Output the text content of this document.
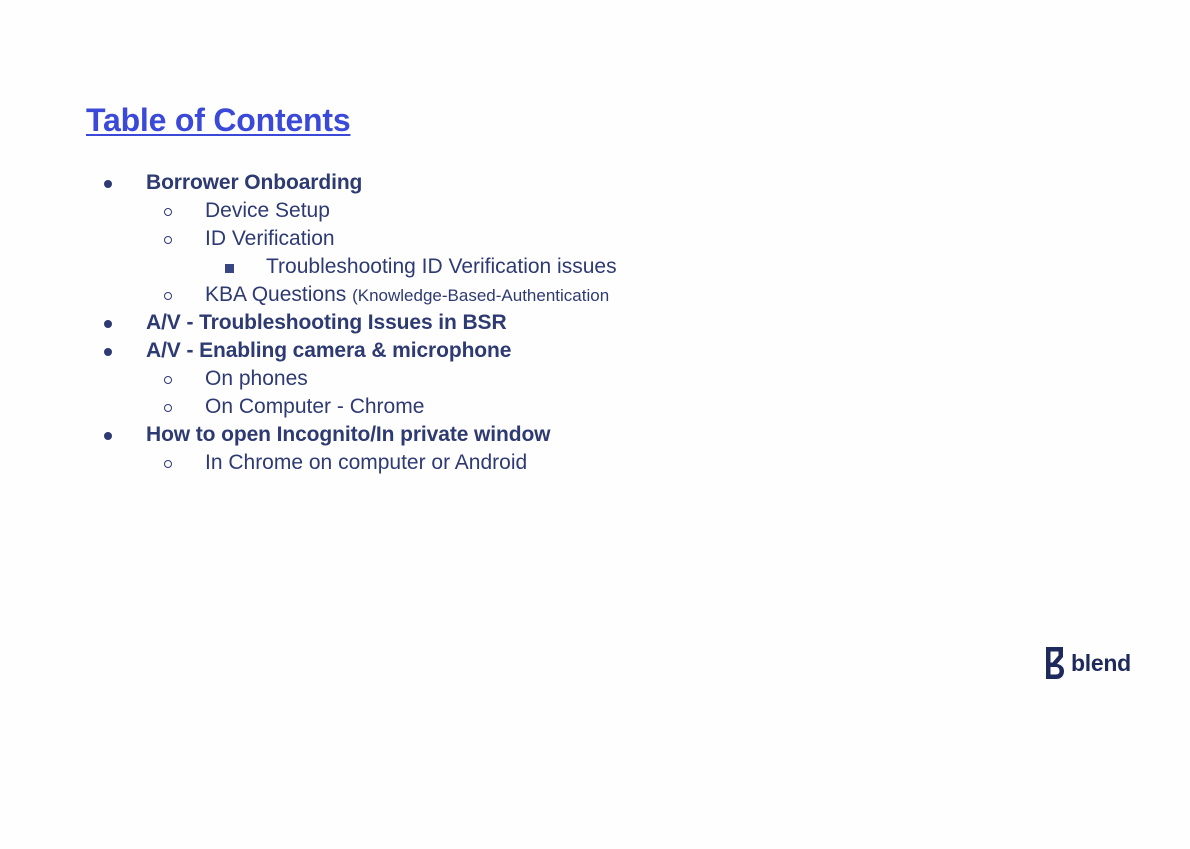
Table of Contents
Borrower Onboarding
Device Setup
ID Verification
Troubleshooting ID Verification issues
KBA Questions (Knowledge-Based-Authentication
A/V - Troubleshooting Issues in BSR
A/V - Enabling camera & microphone
On phones
On Computer - Chrome
How to open Incognito/In private window
In Chrome on computer or Android
blend
